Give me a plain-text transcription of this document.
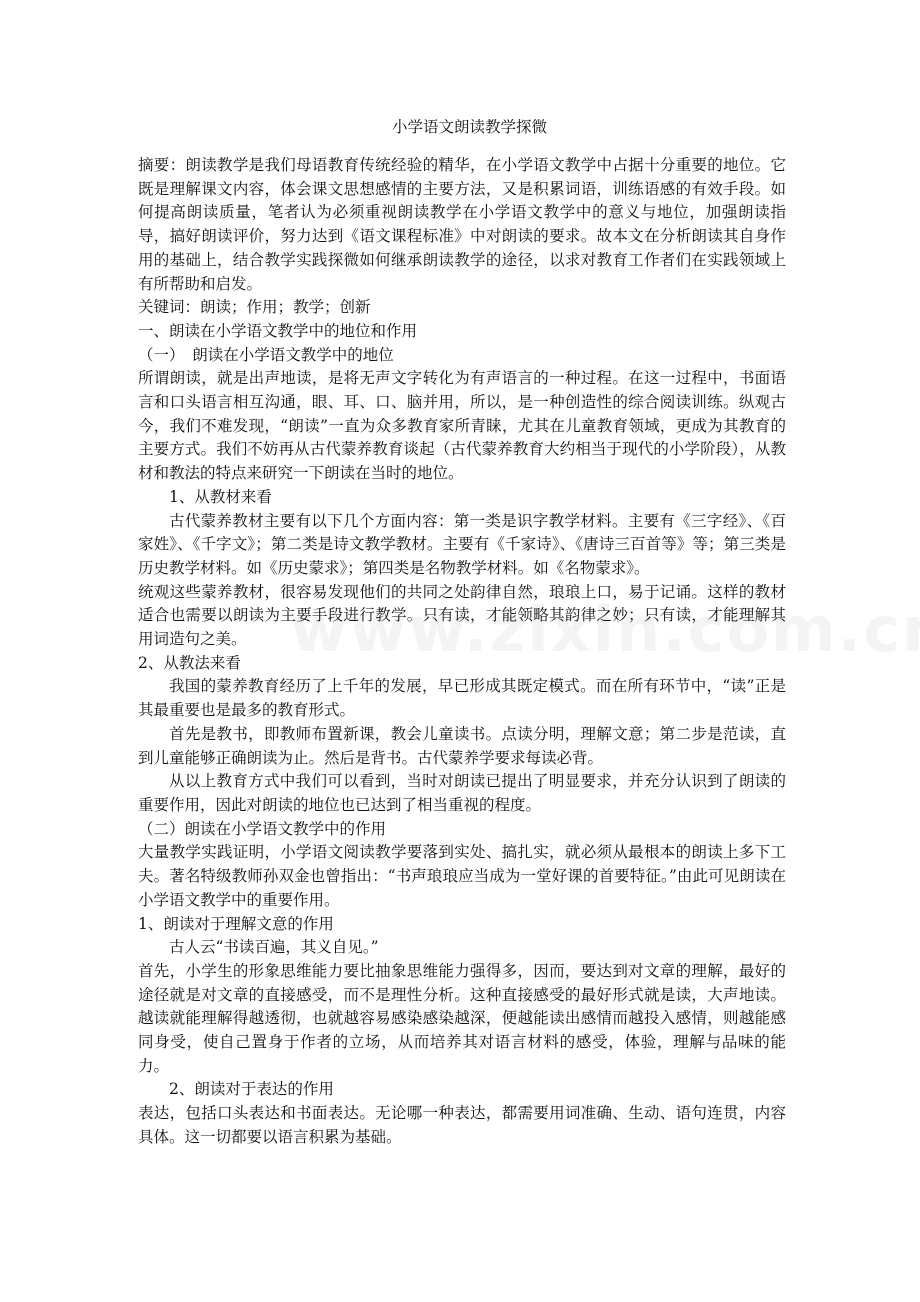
小学语文朗读教学探微

摘要：朗读教学是我们母语教育传统经验的精华，在小学语文教学中占据十分重要的地位。它既是理解课文内容，体会课文思想感情的主要方法，又是积累词语，训练语感的有效手段。如何提高朗读质量，笔者认为必须重视朗读教学在小学语文教学中的意义与地位，加强朗读指导，搞好朗读评价，努力达到《语文课程标准》中对朗读的要求。故本文在分析朗读其自身作用的基础上，结合教学实践探微如何继承朗读教学的途径，以求对教育工作者们在实践领域上有所帮助和启发。

关键词：朗读；作用；教学；创新

一、朗读在小学语文教学中的地位和作用

（一）　朗读在小学语文教学中的地位

所谓朗读，就是出声地读，是将无声文字转化为有声语言的一种过程。在这一过程中，书面语言和口头语言相互沟通，眼、耳、口、脑并用，所以，是一种创造性的综合阅读训练。纵观古今，我们不难发现，“朗读”一直为众多教育家所青睐，尤其在儿童教育领域，更成为其教育的主要方式。我们不妨再从古代蒙养教育谈起（古代蒙养教育大约相当于现代的小学阶段），从教材和教法的特点来研究一下朗读在当时的地位。

1、从教材来看

古代蒙养教材主要有以下几个方面内容：第一类是识字教学材料。主要有《三字经》、《百家姓》、《千字文》；第二类是诗文教学教材。主要有《千家诗》、《唐诗三百首等》等；第三类是历史教学材料。如《历史蒙求》；第四类是名物教学材料。如《名物蒙求》。

统观这些蒙养教材，很容易发现他们的共同之处韵律自然，琅琅上口，易于记诵。这样的教材适合也需要以朗读为主要手段进行教学。只有读，才能领略其韵律之妙；只有读，才能理解其用词造句之美。

2、从教法来看

我国的蒙养教育经历了上千年的发展，早已形成其既定模式。而在所有环节中，“读”正是其最重要也是最多的教育形式。

首先是教书，即教师布置新课，教会儿童读书。点读分明，理解文意；第二步是范读，直到儿童能够正确朗读为止。然后是背书。古代蒙养学要求每读必背。

从以上教育方式中我们可以看到，当时对朗读已提出了明显要求，并充分认识到了朗读的重要作用，因此对朗读的地位也已达到了相当重视的程度。

（二）朗读在小学语文教学中的作用

大量教学实践证明，小学语文阅读教学要落到实处、搞扎实，就必须从最根本的朗读上多下工夫。著名特级教师孙双金也曾指出：“书声琅琅应当成为一堂好课的首要特征。”由此可见朗读在小学语文教学中的重要作用。

1、朗读对于理解文意的作用

古人云“书读百遍，其义自见。”

首先，小学生的形象思维能力要比抽象思维能力强得多，因而，要达到对文章的理解，最好的途径就是对文章的直接感受，而不是理性分析。这种直接感受的最好形式就是读，大声地读。越读就能理解得越透彻，也就越容易感染感染越深，便越能读出感情而越投入感情，则越能感同身受，使自己置身于作者的立场，从而培养其对语言材料的感受，体验，理解与品味的能力。

2、朗读对于表达的作用

表达，包括口头表达和书面表达。无论哪一种表达，都需要用词准确、生动、语句连贯，内容具体。这一切都要以语言积累为基础。
